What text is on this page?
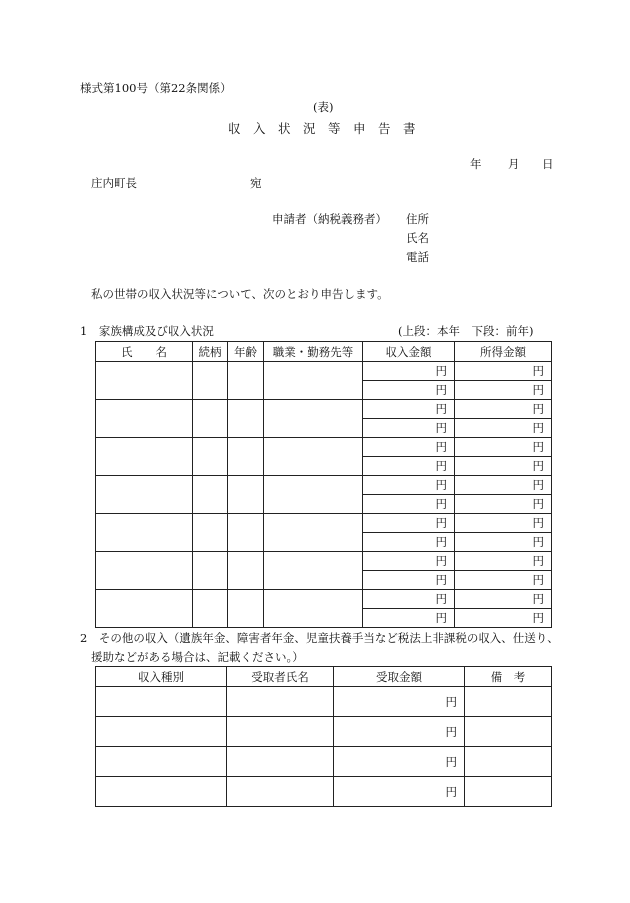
様式第100号（第22条関係）
(表)
収　入　状　況　等　申　告　書
年 月 日
庄内町長	宛
申請者（納税義務者） 住所
氏名
電話
私の世帯の収入状況等について、次のとおり申告します。
1　家族構成及び収入状況	(上段：本年　下段：前年)
氏　　名	続柄	年齢	職業・勤務先等	収入金額	所得金額
				円	円
				円	円
				円	円
				円	円
				円	円
				円	円
				円	円
				円	円
				円	円
				円	円
				円	円
				円	円
				円	円
				円	円
2　その他の収入（遺族年金、障害者年金、児童扶養手当など税法上非課税の収入、仕送り、
援助などがある場合は、記載ください。）
収入種別	受取者氏名	受取金額	備　考
		円	
		円	
		円	
		円	
